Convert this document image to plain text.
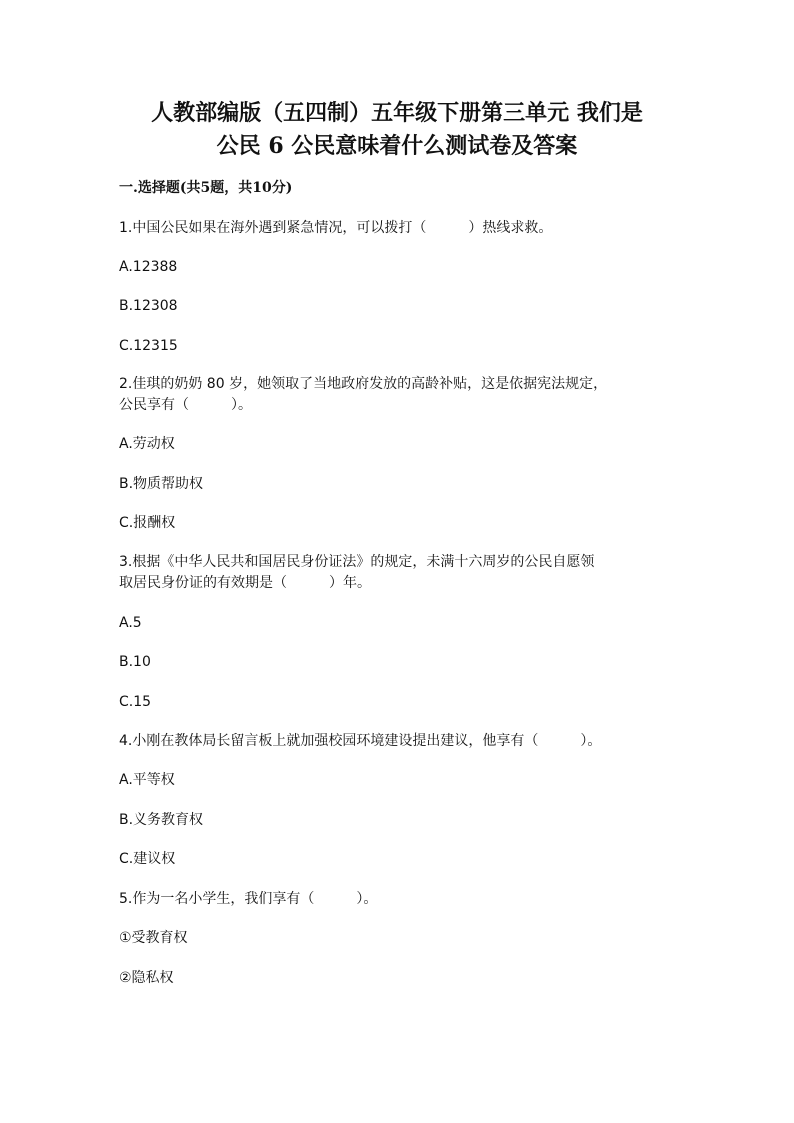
人教部编版（五四制）五年级下册第三单元 我们是
公民 6 公民意味着什么测试卷及答案
一.选择题(共5题，共10分)
1.中国公民如果在海外遇到紧急情况，可以拨打（　　　）热线求救。
A.12388
B.12308
C.12315
2.佳琪的奶奶 80 岁，她领取了当地政府发放的高龄补贴，这是依据宪法规定，
公民享有（　　　）。
A.劳动权
B.物质帮助权
C.报酬权
3.根据《中华人民共和国居民身份证法》的规定，未满十六周岁的公民自愿领
取居民身份证的有效期是（　　　）年。
A.5
B.10
C.15
4.小刚在教体局长留言板上就加强校园环境建设提出建议，他享有（　　　）。
A.平等权
B.义务教育权
C.建议权
5.作为一名小学生，我们享有（　　　）。
①受教育权
②隐私权
